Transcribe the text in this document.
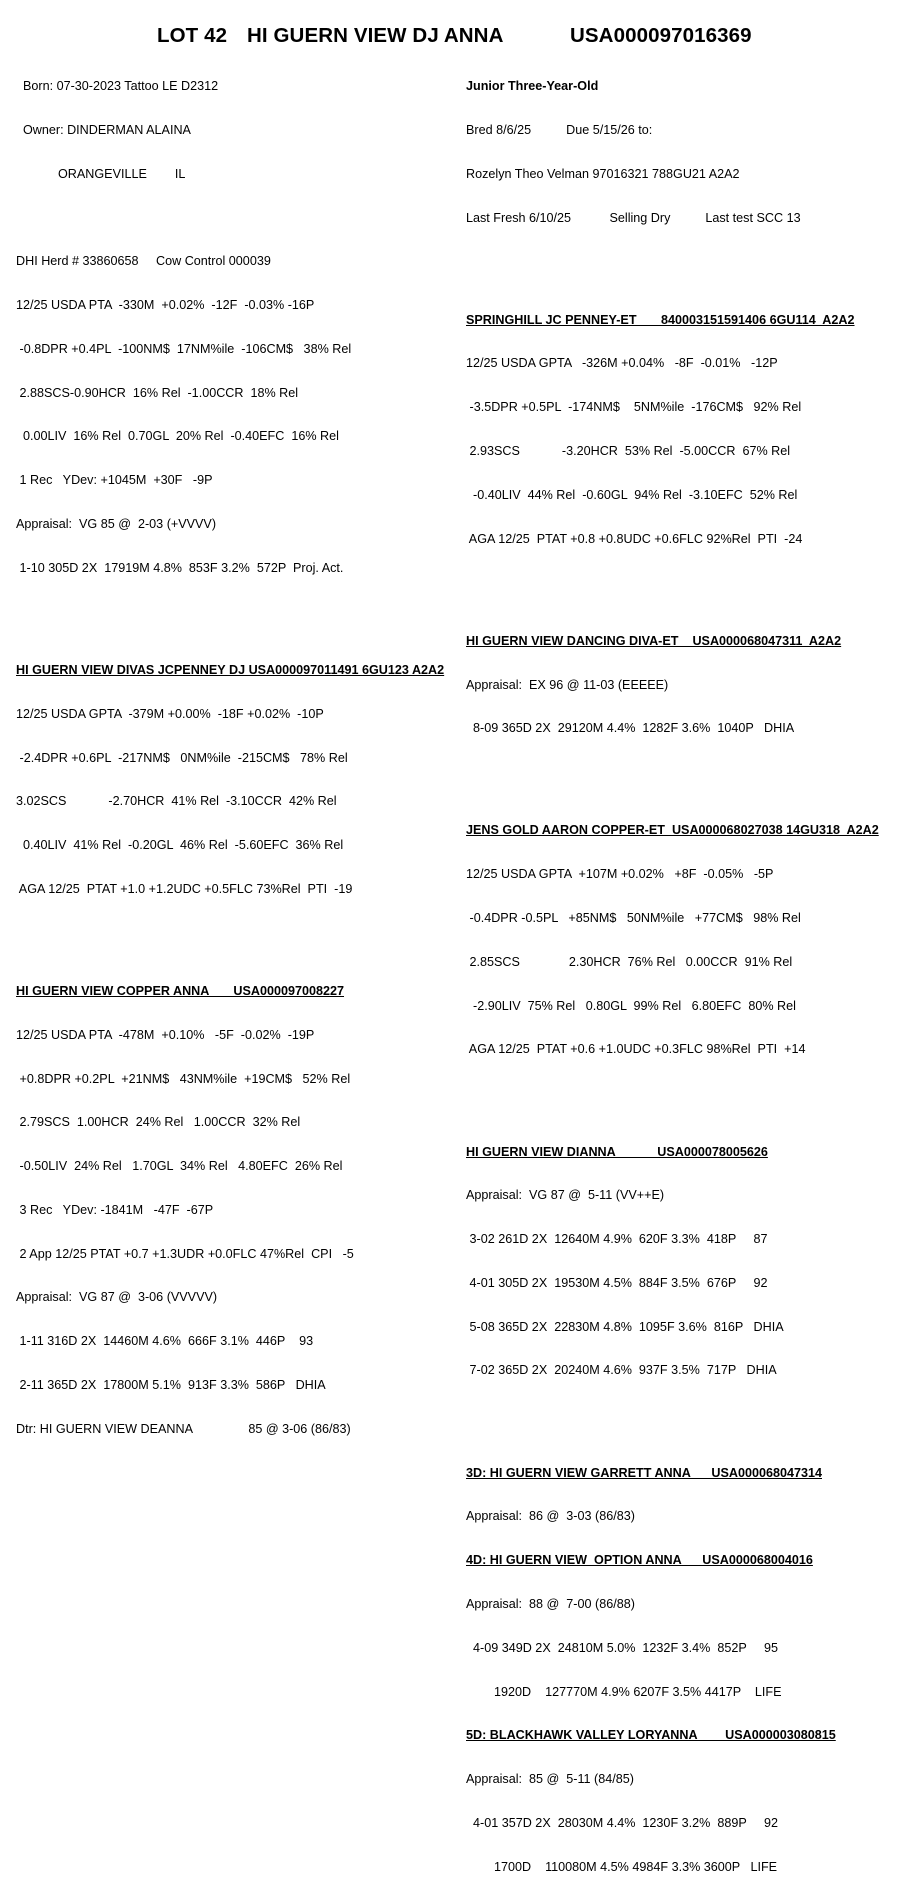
LOT 42

HI GUERN VIEW DJ ANNA

	USA000097016369

Born: 07-30-2023 Tattoo LE D2312

Owner: DINDERMAN ALAINA

ORANGEVILLE        IL

DHI Herd # 33860658     Cow Control 000039

12/25 USDA PTA  -330M  +0.02%  -12F  -0.03% -16P

-0.8DPR +0.4PL  -100NM$  17NM%ile  -106CM$   38% Rel

2.88SCS-0.90HCR  16% Rel  -1.00CCR  18% Rel

0.00LIV  16% Rel  0.70GL  20% Rel  -0.40EFC  16% Rel

1 Rec   YDev: +1045M  +30F   -9P

Appraisal:  VG 85 @  2-03 (+VVVV)

1-10 305D 2X  17919M 4.8%  853F 3.2%  572P  Proj. Act.

HI GUERN VIEW DIVAS JCPENNEY DJ USA000097011491 6GU123 A2A2

12/25 USDA GPTA  -379M +0.00%  -18F +0.02%  -10P

-2.4DPR +0.6PL  -217NM$   0NM%ile  -215CM$   78% Rel

3.02SCS            -2.70HCR  41% Rel  -3.10CCR  42% Rel

0.40LIV  41% Rel  -0.20GL  46% Rel  -5.60EFC  36% Rel

AGA 12/25  PTAT +1.0 +1.2UDC +0.5FLC 73%Rel  PTI  -19

HI GUERN VIEW COPPER ANNA       USA000097008227

12/25 USDA PTA  -478M  +0.10%   -5F  -0.02%  -19P

+0.8DPR +0.2PL  +21NM$   43NM%ile  +19CM$   52% Rel

2.79SCS  1.00HCR  24% Rel   1.00CCR  32% Rel

-0.50LIV  24% Rel   1.70GL  34% Rel   4.80EFC  26% Rel

3 Rec   YDev: -1841M   -47F  -67P

2 App 12/25 PTAT +0.7 +1.3UDR +0.0FLC 47%Rel  CPI   -5

Appraisal:  VG 87 @  3-06 (VVVVV)

1-11 316D 2X  14460M 4.6%  666F 3.1%  446P    93

2-11 365D 2X  17800M 5.1%  913F 3.3%  586P   DHIA

Dtr: HI GUERN VIEW DEANNA                85 @ 3-06 (86/83)

Junior Three-Year-Old

Bred 8/6/25          Due 5/15/26 to:

Rozelyn Theo Velman 97016321 788GU21 A2A2

Last Fresh 6/10/25           Selling Dry          Last test SCC 13

SPRINGHILL JC PENNEY-ET       840003151591406 6GU114  A2A2

12/25 USDA GPTA   -326M +0.04%   -8F  -0.01%   -12P

-3.5DPR +0.5PL  -174NM$    5NM%ile  -176CM$   92% Rel

2.93SCS            -3.20HCR  53% Rel  -5.00CCR  67% Rel

-0.40LIV  44% Rel  -0.60GL  94% Rel  -3.10EFC  52% Rel

AGA 12/25  PTAT +0.8 +0.8UDC +0.6FLC 92%Rel  PTI  -24

HI GUERN VIEW DANCING DIVA-ET    USA000068047311  A2A2

Appraisal:  EX 96 @ 11-03 (EEEEE)

8-09 365D 2X  29120M 4.4%  1282F 3.6%  1040P   DHIA

JENS GOLD AARON COPPER-ET  USA000068027038 14GU318  A2A2

12/25 USDA GPTA  +107M +0.02%   +8F  -0.05%   -5P

-0.4DPR -0.5PL   +85NM$   50NM%ile   +77CM$   98% Rel

2.85SCS              2.30HCR  76% Rel   0.00CCR  91% Rel

-2.90LIV  75% Rel   0.80GL  99% Rel   6.80EFC  80% Rel

AGA 12/25  PTAT +0.6 +1.0UDC +0.3FLC 98%Rel  PTI  +14

HI GUERN VIEW DIANNA            USA000078005626

Appraisal:  VG 87 @  5-11 (VV++E)

3-02 261D 2X  12640M 4.9%  620F 3.3%  418P     87

4-01 305D 2X  19530M 4.5%  884F 3.5%  676P     92

5-08 365D 2X  22830M 4.8%  1095F 3.6%  816P   DHIA

7-02 365D 2X  20240M 4.6%  937F 3.5%  717P   DHIA

3D: HI GUERN VIEW GARRETT ANNA      USA000068047314

Appraisal:  86 @  3-03 (86/83)

4D: HI GUERN VIEW  OPTION ANNA      USA000068004016

Appraisal:  88 @  7-00 (86/88)

4-09 349D 2X  24810M 5.0%  1232F 3.4%  852P     95

1920D    127770M 4.9% 6207F 3.5% 4417P    LIFE

5D: BLACKHAWK VALLEY LORYANNA        USA000003080815

Appraisal:  85 @  5-11 (84/85)

4-01 357D 2X  28030M 4.4%  1230F 3.2%  889P     92

1700D    110080M 4.5% 4984F 3.3% 3600P   LIFE
